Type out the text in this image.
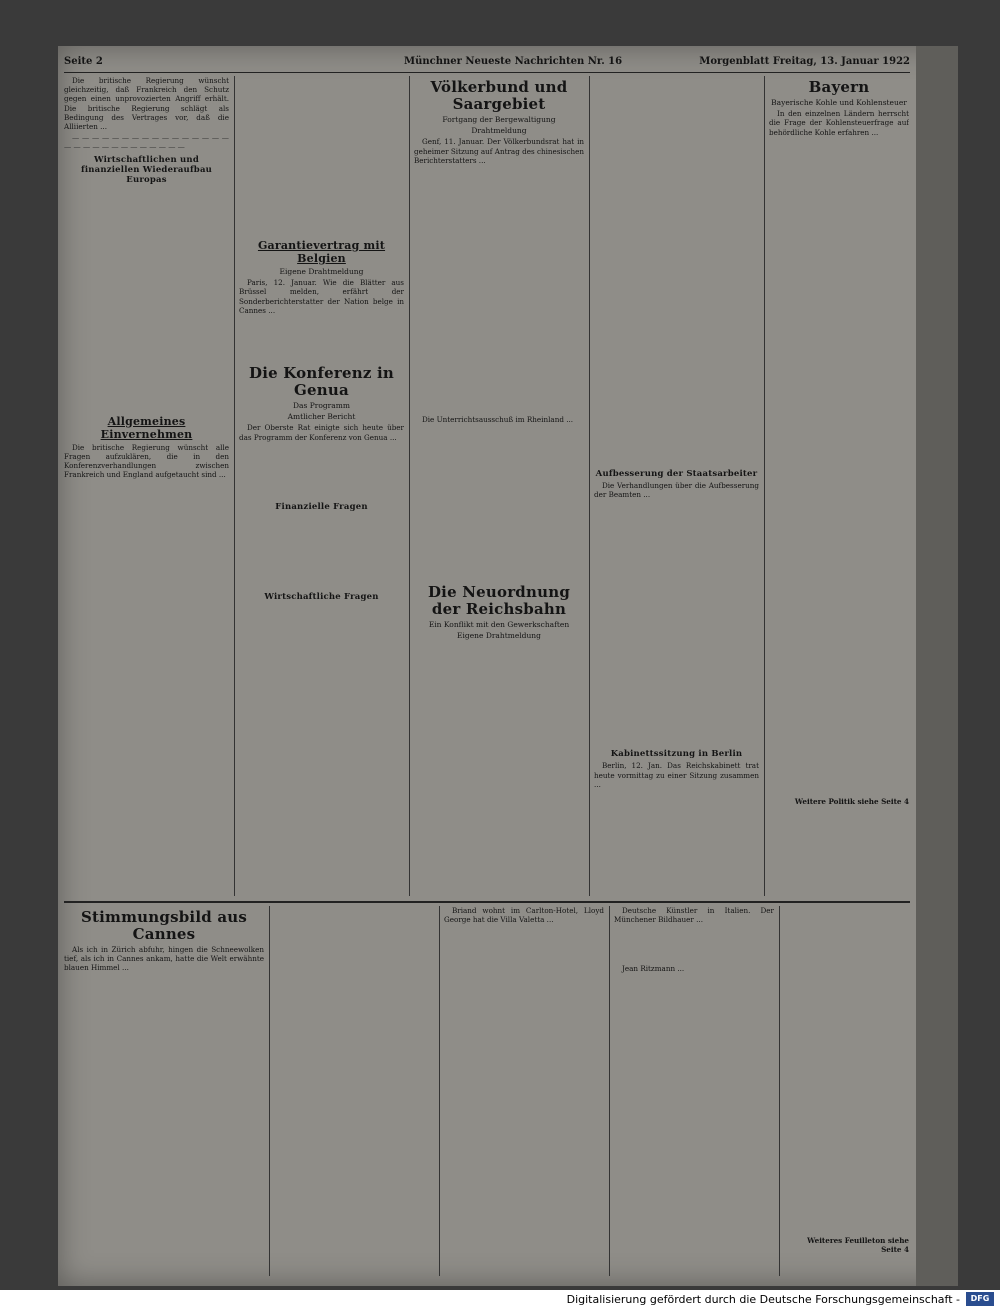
Seite 2	Münchner Neueste Nachrichten Nr. 16	Morgenblatt Freitag, 13. Januar 1922
Die britische Regierung wünscht gleichzeitig, daß Frankreich den Schutz gegen einen unprovozierten Angriff erhält. Die britische Regierung schlägt als Bedingung des Vertrages vor, daß die Alliierten ...
— — — — — — — — — — — — — — — — — — — — — — — — — — — — —
Wirtschaftlichen und finanziellen Wiederaufbau Europas
Allgemeines Einvernehmen
Die britische Regierung wünscht alle Fragen aufzuklären, die in den Konferenzverhandlungen zwischen Frankreich und England aufgetaucht sind ...
Garantievertrag mit Belgien
Eigene Drahtmeldung
Paris, 12. Januar. Wie die Blätter aus Brüssel melden, erfährt der Sonderberichterstatter der Nation belge in Cannes ...
Die Konferenz in Genua
Das Programm
Amtlicher Bericht
Der Oberste Rat einigte sich heute über das Programm der Konferenz von Genua ...
Finanzielle Fragen
Wirtschaftliche Fragen
Völkerbund und Saargebiet
Fortgang der Bergewaltigung
Drahtmeldung
Genf, 11. Januar. Der Völkerbundsrat hat in geheimer Sitzung auf Antrag des chinesischen Berichterstatters ...
Die Unterrichtsausschuß im Rheinland ...
Die Neuordnung der Reichsbahn
Ein Konflikt mit den Gewerkschaften
Eigene Drahtmeldung
Aufbesserung der Staatsarbeiter
Die Verhandlungen über die Aufbesserung der Beamten ...
Kabinettssitzung in Berlin
Berlin, 12. Jan. Das Reichskabinett trat heute vormittag zu einer Sitzung zusammen ...
Bayern
Bayerische Kohle und Kohlensteuer
In den einzelnen Ländern herrscht die Frage der Kohlensteuerfrage auf behördliche Kohle erfahren ...
Weitere Politik siehe Seite 4
Stimmungsbild aus Cannes
Als ich in Zürich abfuhr, hingen die Schneewolken tief, als ich in Cannes ankam, hatte die Welt erwähnte blauen Himmel ...
Briand wohnt im Carlton-Hotel, Lloyd George hat die Villa Valetta ...
Deutsche Künstler in Italien. Der Münchener Bildhauer ...
Jean Ritzmann ...
Weiteres Feuilleton siehe Seite 4
Digitalisierung gefördert durch die Deutsche Forschungsgemeinschaft -	DFG
